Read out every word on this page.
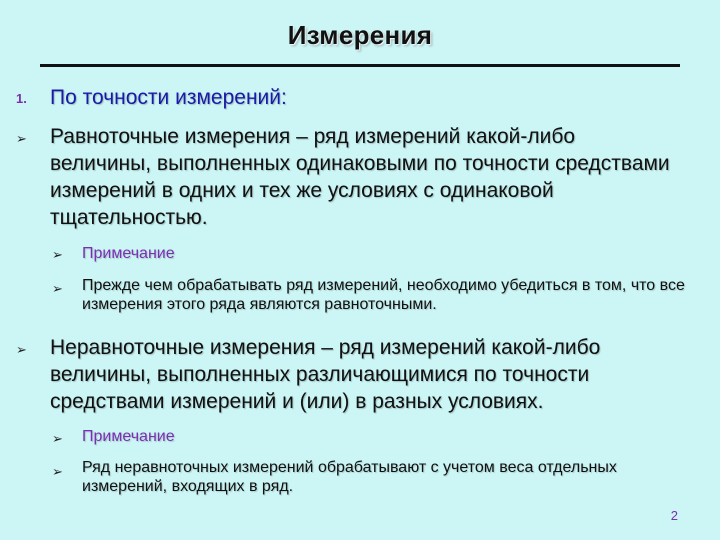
Измерения
1. По точности измерений:
➢ Равноточные измерения – ряд измерений какой-либо величины, выполненных одинаковыми по точности средствами измерений в одних и тех же условиях с одинаковой тщательностью.
➢ Примечание
➢ Прежде чем обрабатывать ряд измерений, необходимо убедиться в том, что все измерения этого ряда являются равноточными.
➢ Неравноточные измерения – ряд измерений какой-либо величины, выполненных различающимися по точности средствами измерений и (или) в разных условиях.
➢ Примечание
➢ Ряд неравноточных измерений обрабатывают с учетом веса отдельных измерений, входящих в ряд.
2
